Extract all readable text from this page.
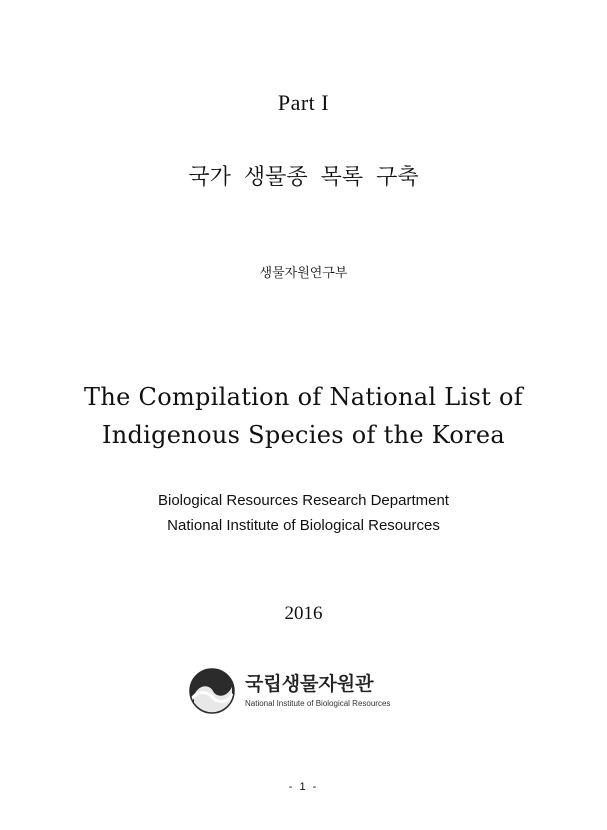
Part I
국가 생물종 목록 구축
생물자원연구부
The Compilation of National List of
Indigenous Species of the Korea
Biological Resources Research Department
National Institute of Biological Resources
2016
국립생물자원관
National Institute of Biological Resources
- 1 -
